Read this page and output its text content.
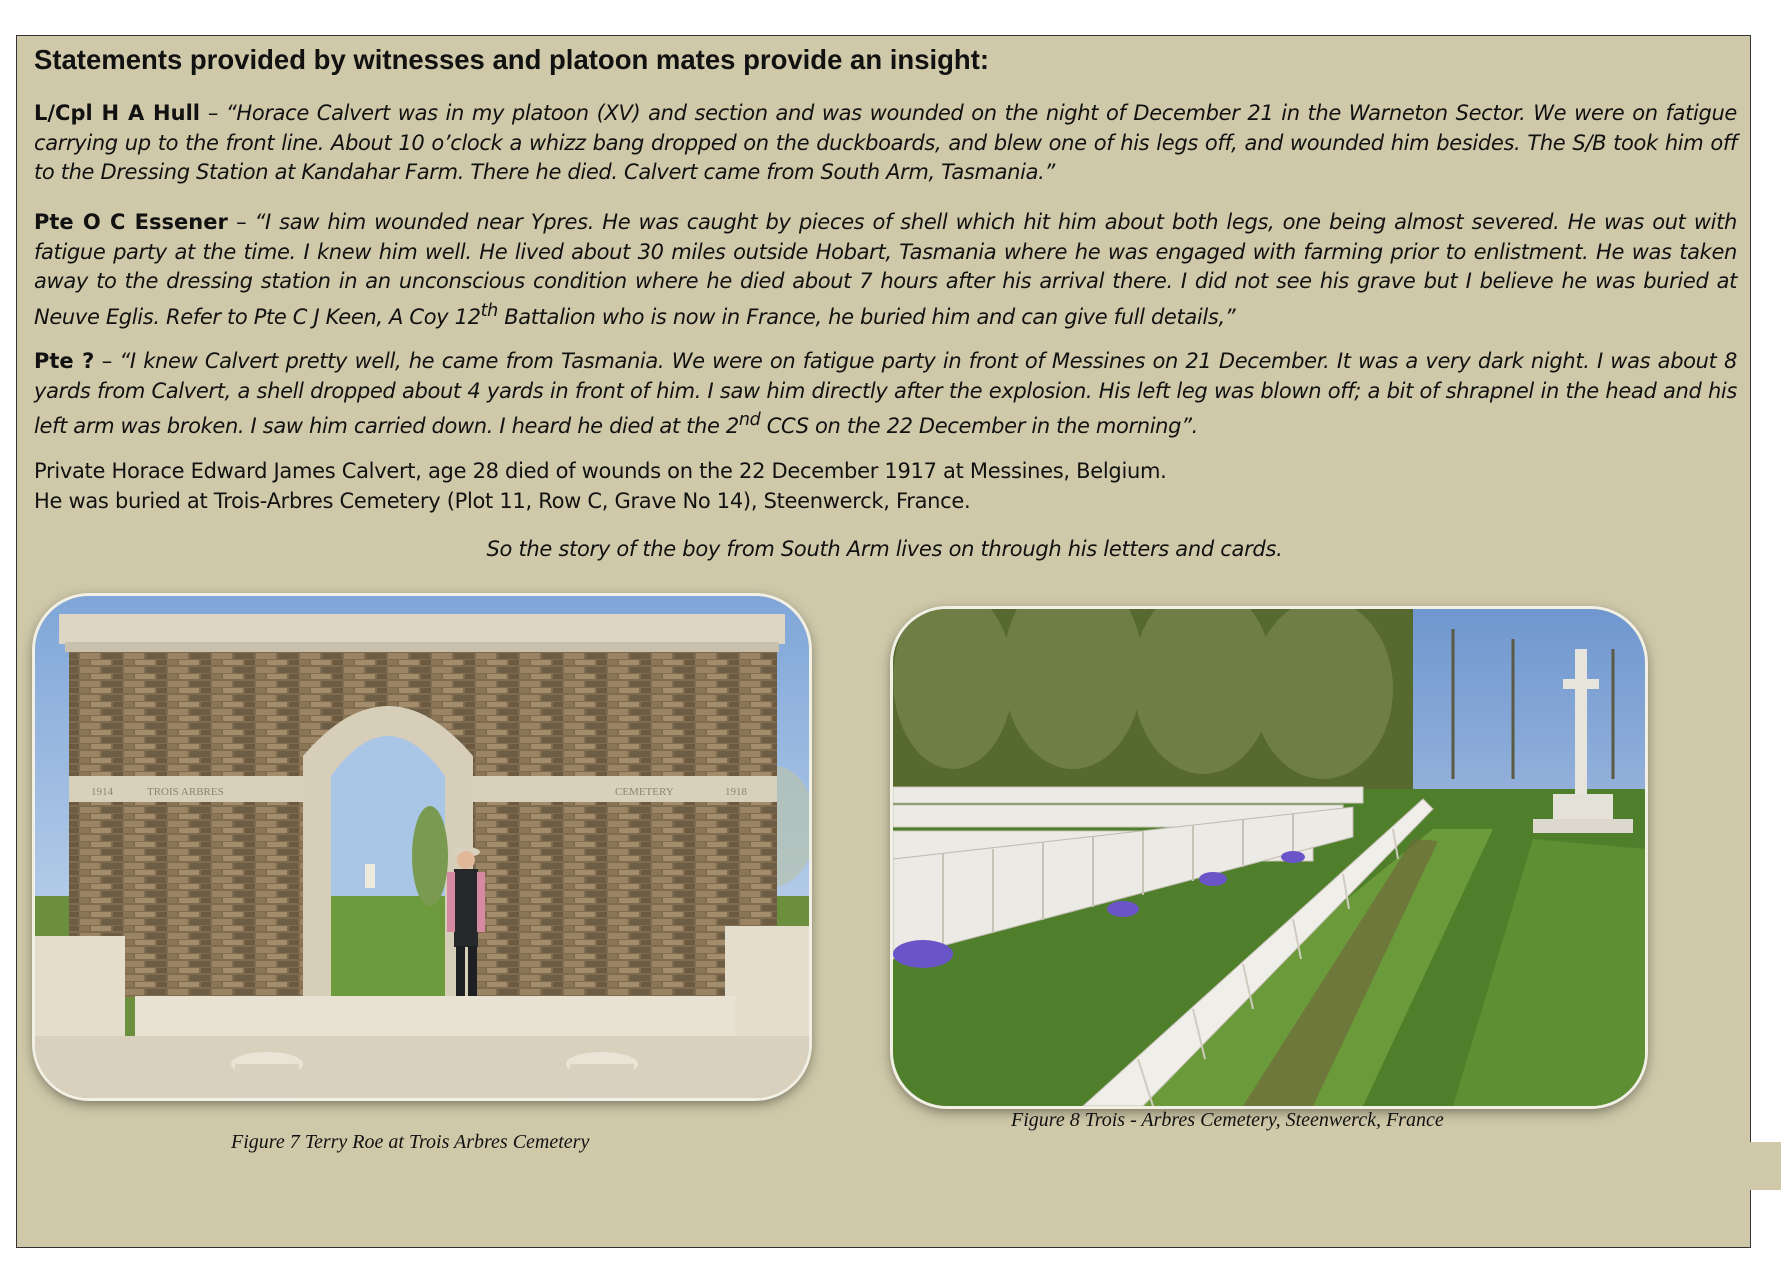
Statements provided by witnesses and platoon mates provide an insight:

L/Cpl H A Hull – “Horace Calvert was in my platoon (XV) and section and was wounded on the night of December 21 in the Warneton Sector. We were on fatigue carrying up to the front line. About 10 o’clock a whizz bang dropped on the duckboards, and blew one of his legs off, and wounded him besides. The S/B took him off to the Dressing Station at Kandahar Farm. There he died. Calvert came from South Arm, Tasmania.”

Pte O C Essener – “I saw him wounded near Ypres. He was caught by pieces of shell which hit him about both legs, one being almost severed. He was out with fatigue party at the time. I knew him well. He lived about 30 miles outside Hobart, Tasmania where he was engaged with farming prior to enlistment. He was taken away to the dressing station in an unconscious condition where he died about 7 hours after his arrival there. I did not see his grave but I believe he was buried at Neuve Eglis. Refer to Pte C J Keen, A Coy 12th Battalion who is now in France, he buried him and can give full details,”

Pte ? – “I knew Calvert pretty well, he came from Tasmania. We were on fatigue party in front of Messines on 21 December. It was a very dark night. I was about 8 yards from Calvert, a shell dropped about 4 yards in front of him. I saw him directly after the explosion. His left leg was blown off; a bit of shrapnel in the head and his left arm was broken. I saw him carried down. I heard he died at the 2nd CCS on the 22 December in the morning”.

Private Horace Edward James Calvert, age 28 died of wounds on the 22 December 1917 at Messines, Belgium.

He was buried at Trois-Arbres Cemetery (Plot 11, Row C, Grave No 14), Steenwerck, France.

So the story of the boy from South Arm lives on through his letters and cards.

1914	TROIS ARBRES	CEMETERY	1918

Figure 7 Terry Roe at Trois Arbres Cemetery

Figure 8 Trois - Arbres Cemetery, Steenwerck, France
